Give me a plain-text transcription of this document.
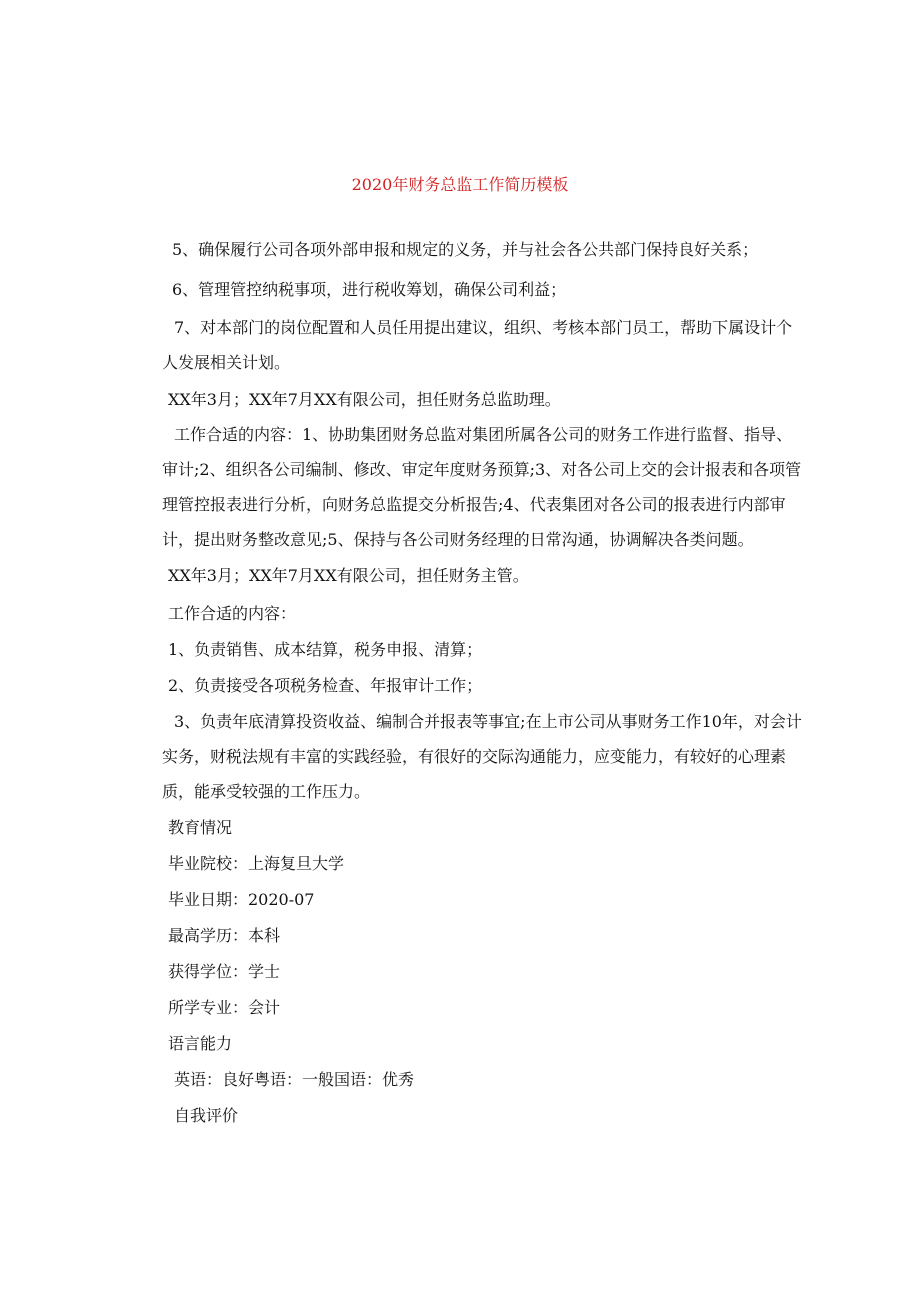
2020年财务总监工作简历模板

5、确保履行公司各项外部申报和规定的义务，并与社会各公共部门保持良好关系；

6、管理管控纳税事项，进行税收筹划，确保公司利益；

7、对本部门的岗位配置和人员任用提出建议，组织、考核本部门员工，帮助下属设计个人发展相关计划。

XX年3月；XX年7月XX有限公司，担任财务总监助理。

工作合适的内容：1、协助集团财务总监对集团所属各公司的财务工作进行监督、指导、审计;2、组织各公司编制、修改、审定年度财务预算;3、对各公司上交的会计报表和各项管理管控报表进行分析，向财务总监提交分析报告;4、代表集团对各公司的报表进行内部审计，提出财务整改意见;5、保持与各公司财务经理的日常沟通，协调解决各类问题。

XX年3月；XX年7月XX有限公司，担任财务主管。

工作合适的内容：

1、负责销售、成本结算，税务申报、清算；

2、负责接受各项税务检查、年报审计工作；

3、负责年底清算投资收益、编制合并报表等事宜;在上市公司从事财务工作10年，对会计实务，财税法规有丰富的实践经验，有很好的交际沟通能力，应变能力，有较好的心理素质，能承受较强的工作压力。

教育情况

毕业院校：上海复旦大学

毕业日期：2020-07

最高学历：本科

获得学位：学士

所学专业：会计

语言能力

英语：良好粤语：一般国语：优秀

自我评价
